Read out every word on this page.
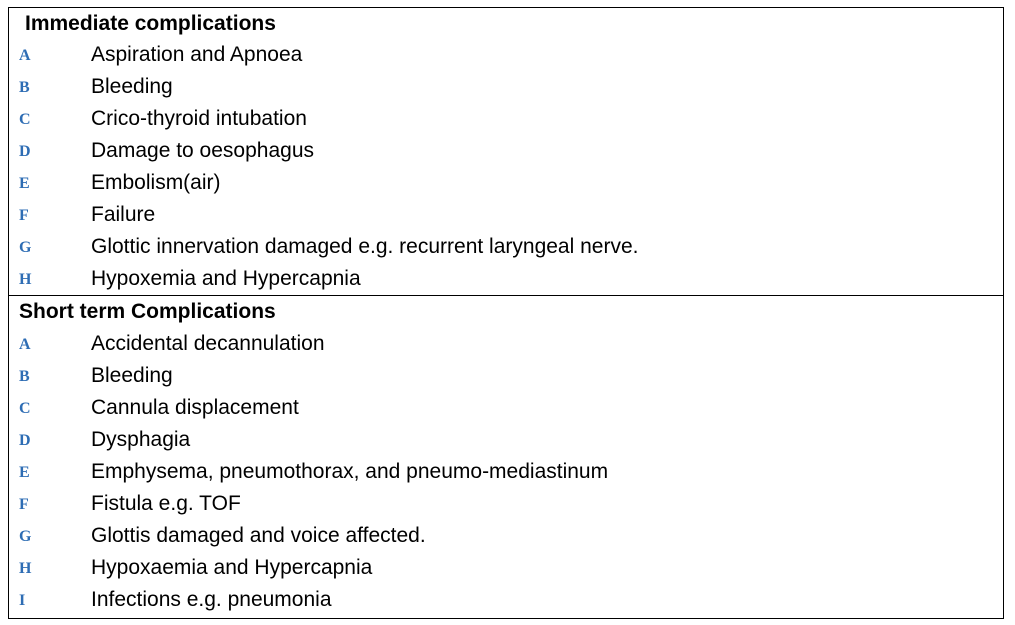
Immediate complications
A	Aspiration and Apnoea
B	Bleeding
C	Crico-thyroid intubation
D	Damage to oesophagus
E	Embolism(air)
F	Failure
G	Glottic innervation damaged e.g. recurrent laryngeal nerve.
H	Hypoxemia and Hypercapnia
Short term Complications
A	Accidental decannulation
B	Bleeding
C	Cannula displacement
D	Dysphagia
E	Emphysema, pneumothorax, and pneumo-mediastinum
F	Fistula e.g. TOF
G	Glottis damaged and voice affected.
H	Hypoxaemia and Hypercapnia
I	Infections e.g. pneumonia
